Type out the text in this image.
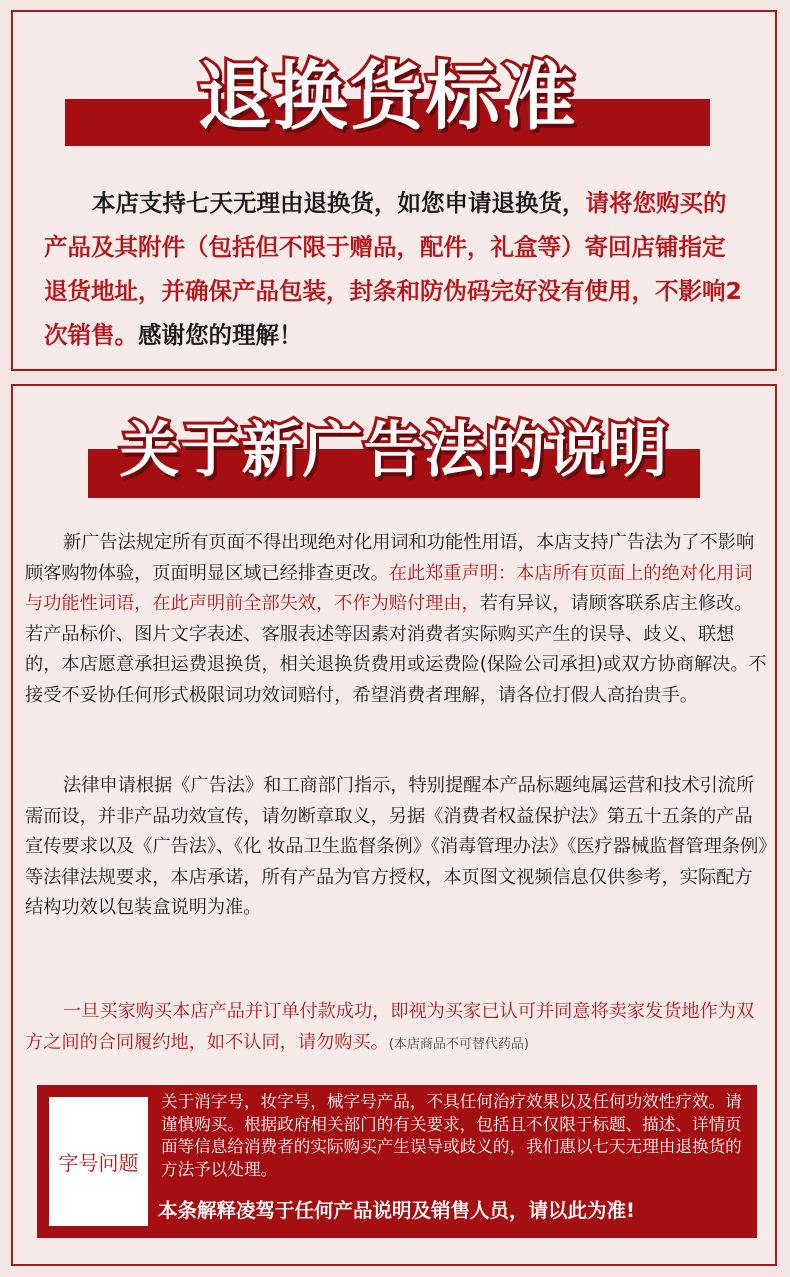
退换货标准
本店支持七天无理由退换货，如您申请退换货，请将您购买的产品及其附件（包括但不限于赠品，配件，礼盒等）寄回店铺指定退货地址，并确保产品包装，封条和防伪码完好没有使用，不影响2次销售。感谢您的理解！
关于新广告法的说明
新广告法规定所有页面不得出现绝对化用词和功能性用语，本店支持广告法为了不影响顾客购物体验，页面明显区域已经排查更改。在此郑重声明：本店所有页面上的绝对化用词与功能性词语，在此声明前全部失效，不作为赔付理由，若有异议，请顾客联系店主修改。若产品标价、图片文字表述、客服表述等因素对消费者实际购买产生的误导、歧义、联想的，本店愿意承担运费退换货，相关退换货费用或运费险(保险公司承担)或双方协商解决。不接受不妥协任何形式极限词功效词赔付，希望消费者理解，请各位打假人高抬贵手。
法律申请根据《广告法》和工商部门指示，特别提醒本产品标题纯属运营和技术引流所需而设，并非产品功效宣传，请勿断章取义，另据《消费者权益保护法》第五十五条的产品宣传要求以及《广告法》、《化 妆品卫生监督条例》《消毒管理办法》《医疗器械监督管理条例》等法律法规要求，本店承诺，所有产品为官方授权，本页图文视频信息仅供参考，实际配方结构功效以包装盒说明为准。
一旦买家购买本店产品并订单付款成功，即视为买家已认可并同意将卖家发货地作为双方之间的合同履约地，如不认同，请勿购买。(本店商品不可替代药品)
字号问题
关于消字号，妆字号，械字号产品，不具任何治疗效果以及任何功效性疗效。请谨慎购买。根据政府相关部门的有关要求，包括且不仅限于标题、描述、详情页面等信息给消费者的实际购买产生误导或歧义的，我们惠以七天无理由退换货的方法予以处理。
本条解释凌驾于任何产品说明及销售人员，请以此为准!
